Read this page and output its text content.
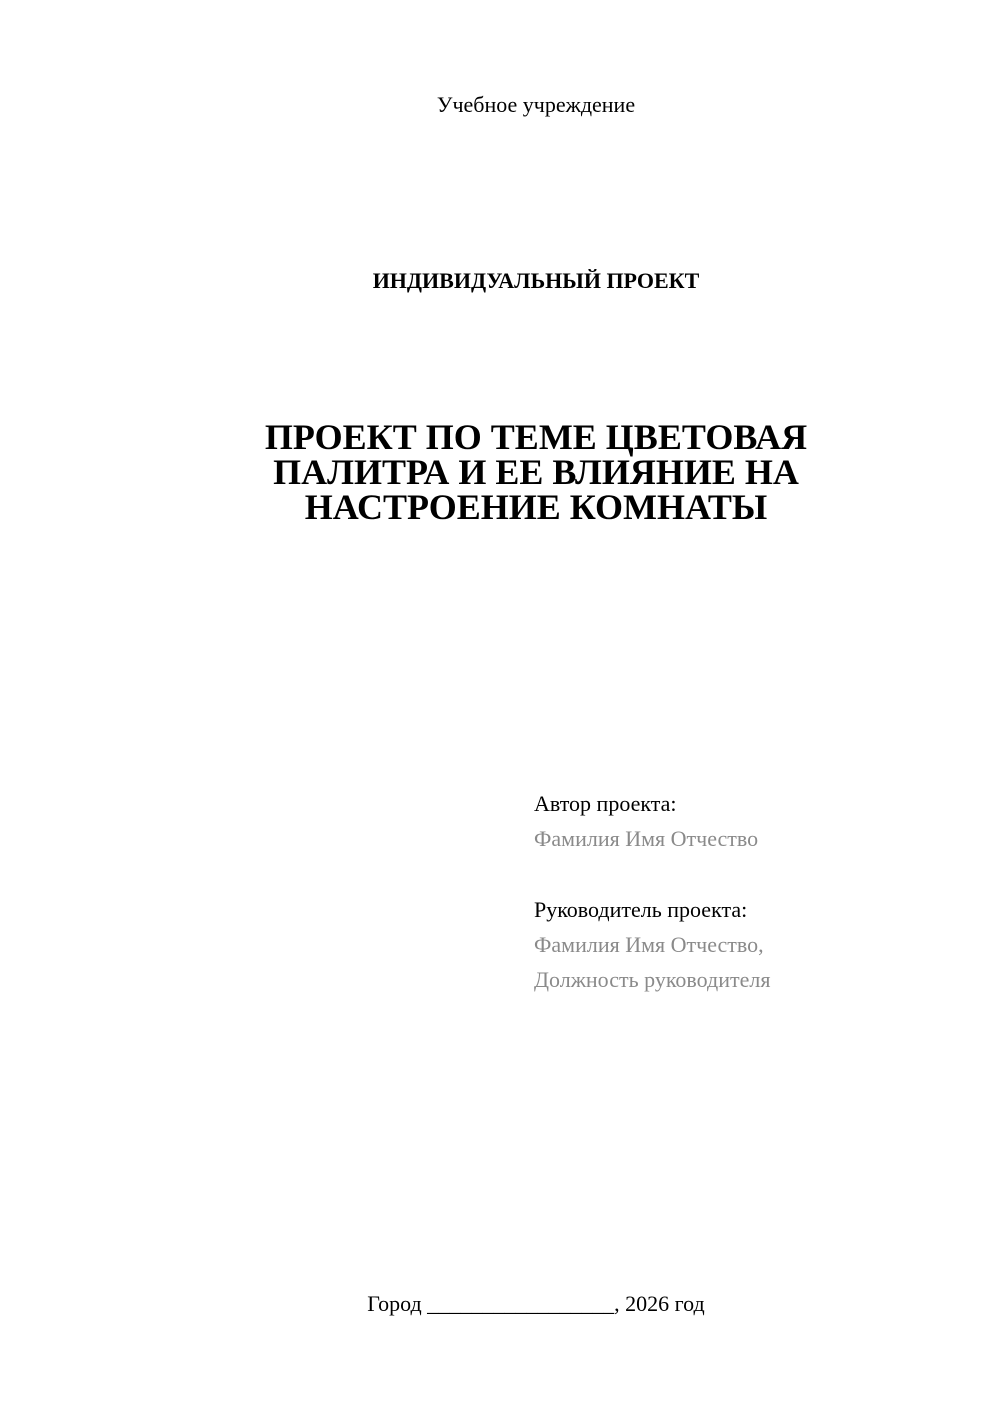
Учебное учреждение
ИНДИВИДУАЛЬНЫЙ ПРОЕКТ
ПРОЕКТ ПО ТЕМЕ ЦВЕТОВАЯ
ПАЛИТРА И ЕЕ ВЛИЯНИЕ НА
НАСТРОЕНИЕ КОМНАТЫ
Автор проекта:
Фамилия Имя Отчество
Руководитель проекта:
Фамилия Имя Отчество,
Должность руководителя
Город _________________, 2026 год
